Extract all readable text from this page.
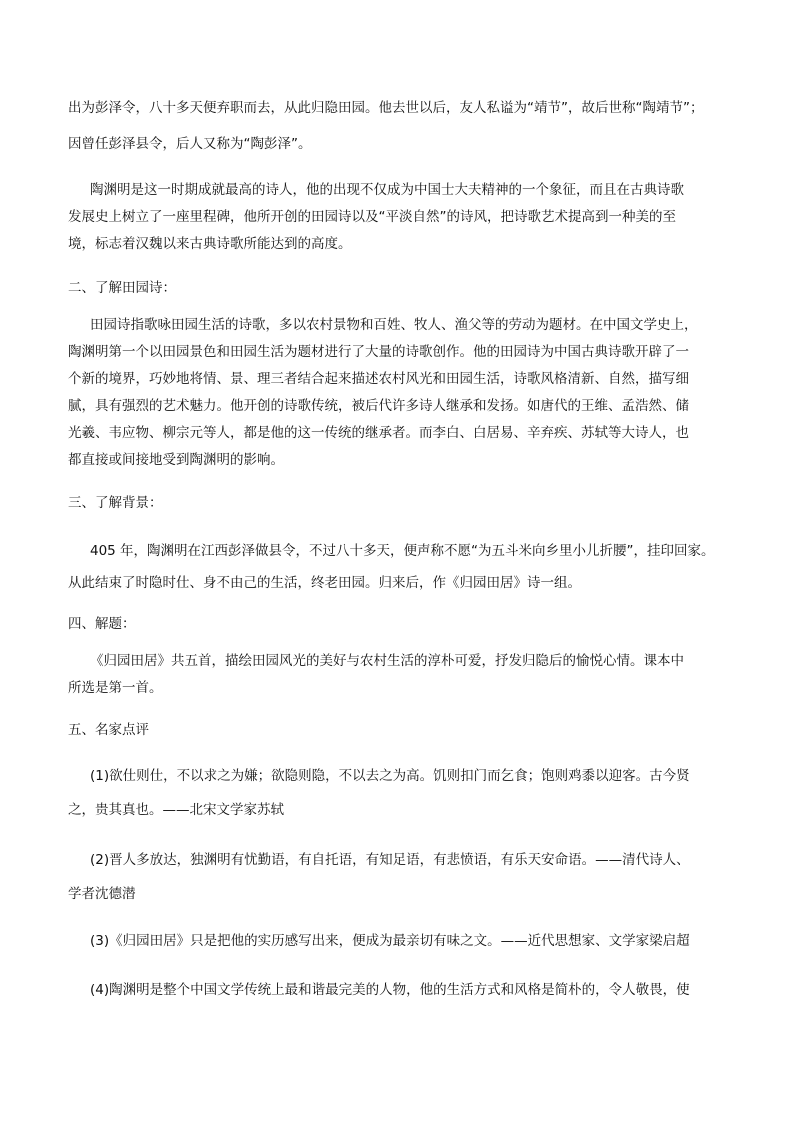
出为彭泽令，八十多天便弃职而去，从此归隐田园。他去世以后，友人私谥为“靖节”，故后世称“陶靖节”；
因曾任彭泽县令，后人又称为“陶彭泽”。
陶渊明是这一时期成就最高的诗人，他的出现不仅成为中国士大夫精神的一个象征，而且在古典诗歌
发展史上树立了一座里程碑，他所开创的田园诗以及“平淡自然”的诗风，把诗歌艺术提高到一种美的至
境，标志着汉魏以来古典诗歌所能达到的高度。
二、了解田园诗：
田园诗指歌咏田园生活的诗歌，多以农村景物和百姓、牧人、渔父等的劳动为题材。在中国文学史上，
陶渊明第一个以田园景色和田园生活为题材进行了大量的诗歌创作。他的田园诗为中国古典诗歌开辟了一
个新的境界，巧妙地将情、景、理三者结合起来描述农村风光和田园生活，诗歌风格清新、自然，描写细
腻，具有强烈的艺术魅力。他开创的诗歌传统，被后代许多诗人继承和发扬。如唐代的王维、孟浩然、储
光羲、韦应物、柳宗元等人，都是他的这一传统的继承者。而李白、白居易、辛弃疾、苏轼等大诗人，也
都直接或间接地受到陶渊明的影响。
三、了解背景：
405 年，陶渊明在江西彭泽做县令，不过八十多天，便声称不愿“为五斗米向乡里小儿折腰”，挂印回家。
从此结束了时隐时仕、身不由己的生活，终老田园。归来后，作《归园田居》诗一组。
四、解题：
《归园田居》共五首，描绘田园风光的美好与农村生活的淳朴可爱，抒发归隐后的愉悦心情。课本中
所选是第一首。
五、名家点评
(1)欲仕则仕，不以求之为嫌；欲隐则隐，不以去之为高。饥则扣门而乞食；饱则鸡黍以迎客。古今贤
之，贵其真也。——北宋文学家苏轼
(2)晋人多放达，独渊明有忧勤语，有自托语，有知足语，有悲愤语，有乐天安命语。——清代诗人、
学者沈德潜
(3)《归园田居》只是把他的实历感写出来，便成为最亲切有味之文。——近代思想家、文学家梁启超
(4)陶渊明是整个中国文学传统上最和谐最完美的人物，他的生活方式和风格是简朴的，令人敬畏，使
